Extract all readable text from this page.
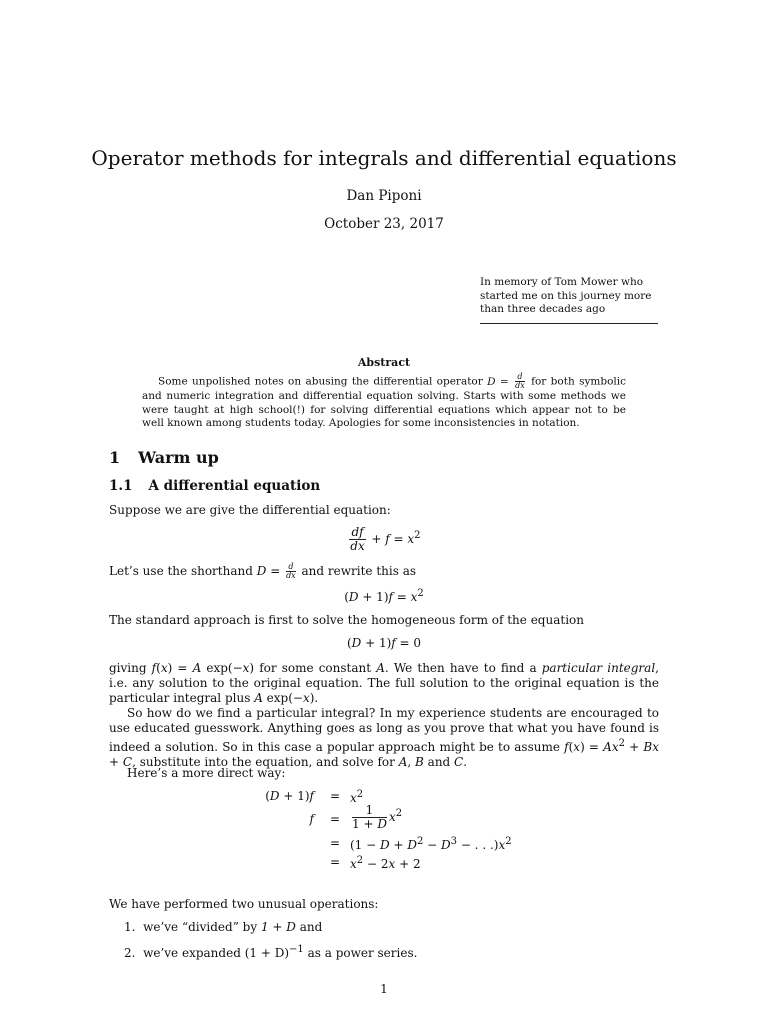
Operator methods for integrals and differential equations
Dan Piponi
October 23, 2017
In memory of Tom Mower who
started me on this journey more
than three decades ago
Abstract
Some unpolished notes on abusing the differential operator $D = \frac{d}{dx}$ for both symbolic and numeric integration and differential equation solving. Starts with some methods we were taught at high school(!) for solving differential equations which appear not to be well known among students today. Apologies for some inconsistencies in notation.
1 Warm up
1.1 A differential equation
Suppose we are give the differential equation:
$\frac{df}{dx} + f = x^2$
Let’s use the shorthand $D = \frac{d}{dx}$ and rewrite this as
$(D + 1)f = x^2$
The standard approach is first to solve the homogeneous form of the equation
(D + 1)f = 0
giving f(x) = A exp(−x) for some constant A. We then have to find a particular integral, i.e. any solution to the original equation. The full solution to the original equation is the particular integral plus A exp(−x).
So how do we find a particular integral? In my experience students are encouraged to use educated guesswork. Anything goes as long as you prove that what you have found is indeed a solution. So in this case a popular approach might be to assume $f(x) = Ax^2 + Bx + C$, substitute into the equation, and solve for A, B and C.
Here’s a more direct way:
$(D + 1)f = x^2$
$f = \frac{1}{1 + D} x^2$
= ($1 - D + D^2 - D^3$ − . . $.)x^2$
= $x^2 - 2x + 2$
We have performed two unusual operations:
1. we’ve “divided” by 1 + D and
2. we’ve expanded $(1 + D)^{-1}$ as a power series.
1
